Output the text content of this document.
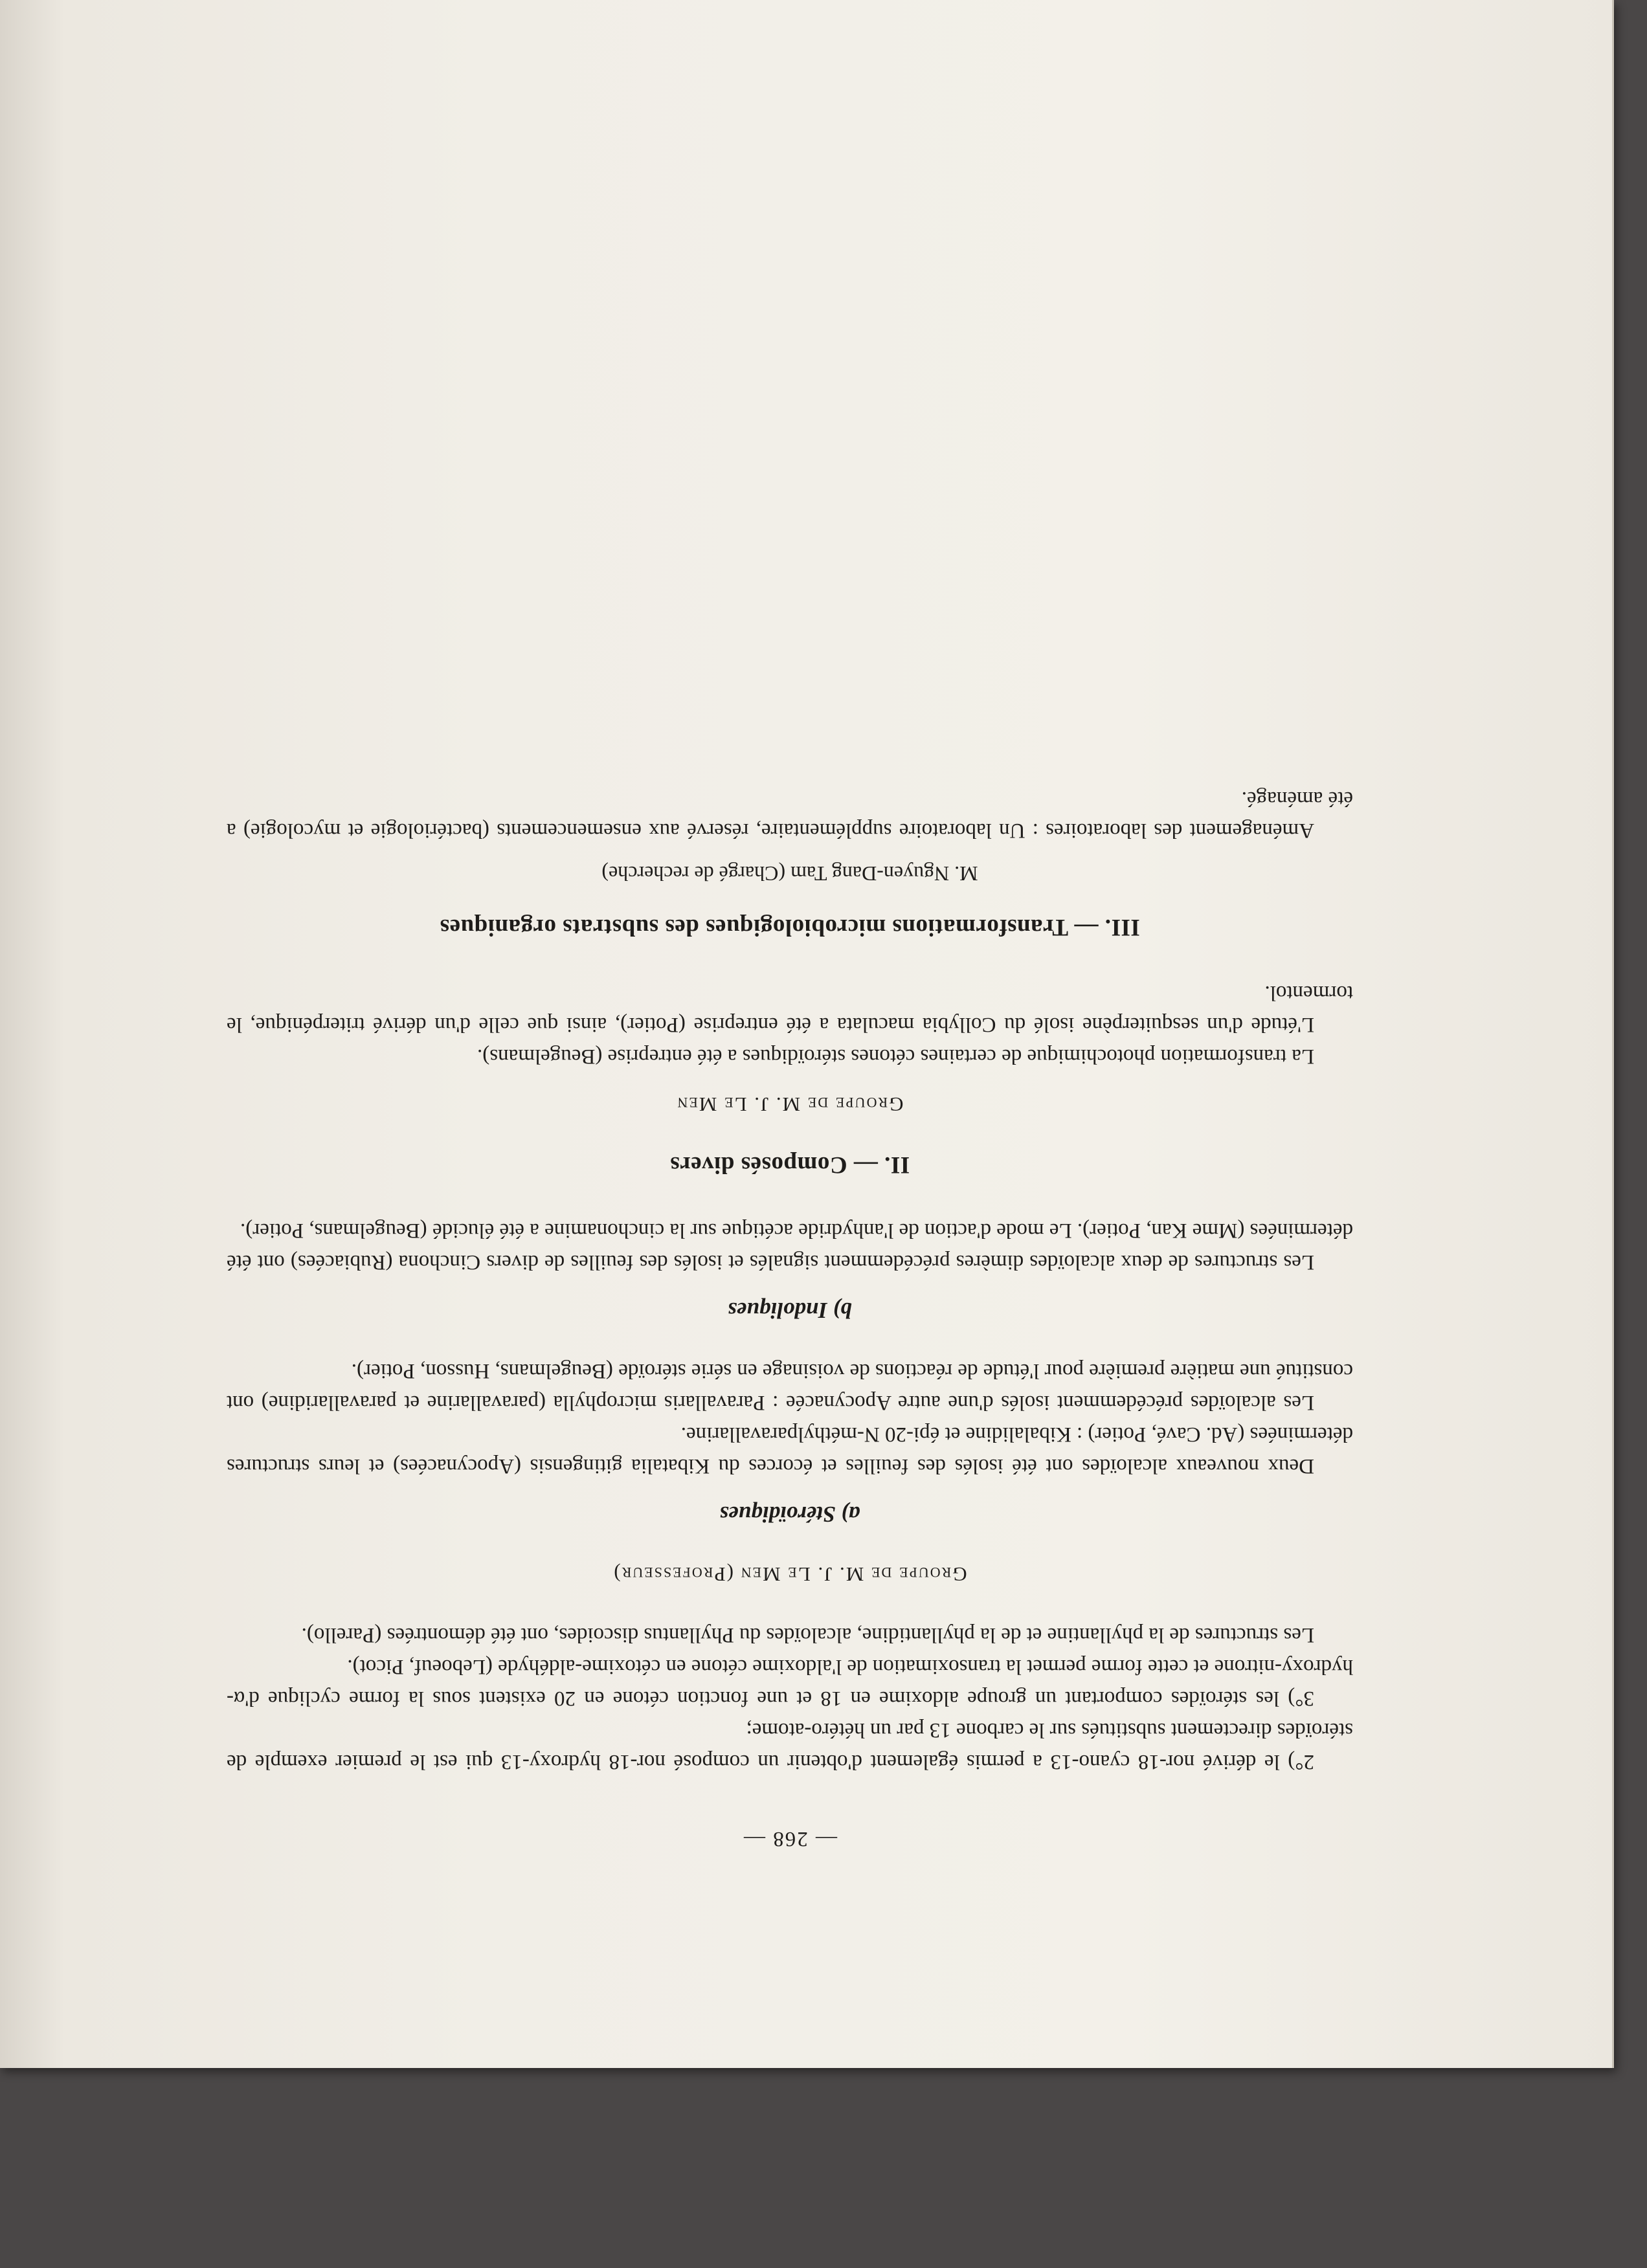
— 268 —

2°) le dérivé nor-18 cyano-13 a permis également d'obtenir un composé nor-18 hydroxy-13 qui est le premier exemple de stéroïdes directement substitués sur le carbone 13 par un hétéro-atome;

3°) les stéroïdes comportant un groupe aldoxime en 18 et une fonction cétone en 20 existent sous la forme cyclique d'α-hydroxy-nitrone et cette forme permet la transoximation de l'aldoxime cétone en cétoxime-aldéhyde (Leboeuf, Picot).

Les structures de la phyllantine et de la phyllantidine, alcaloïdes du Phyllantus discoides, ont été démontrées (Parello).

Groupe de M. J. Le Men (Professeur)

a) Stéroïdiques

Deux nouveaux alcaloïdes ont été isolés des feuilles et écorces du Kibatalia gitingensis (Apocynacées) et leurs structures déterminées (Ad. Cavé, Potier) : Kibalalidine et épi-20 N-méthylparavallarine.

Les alcaloïdes précédemment isolés d'une autre Apocynacée : Paravallaris microphylla (paravallarine et paravallaridine) ont constitué une matière première pour l'étude de réactions de voisinage en série stéroïde (Beugelmans, Husson, Potier).

b) Indoliques

Les structures de deux alcaloïdes dimères précédemment signalés et isolés des feuilles de divers Cinchona (Rubiacées) ont été déterminées (Mme Kan, Potier). Le mode d'action de l'anhydride acétique sur la cinchonamine a été élucidé (Beugelmans, Potier).

II. — Composés divers

Groupe de M. J. Le Men

La transformation photochimique de certaines cétones stéroïdiques a été entreprise (Beugelmans).

L'étude d'un sesquiterpène isolé du Collybia maculata a été entreprise (Potier), ainsi que celle d'un dérivé triterpénique, le tormentol.

III. — Transformations microbiologiques des substrats organiques

M. Nguyen-Dang Tam (Chargé de recherche)

Aménagement des laboratoires : Un laboratoire supplémentaire, réservé aux ensemencements (bactériologie et mycologie) a été aménagé.
